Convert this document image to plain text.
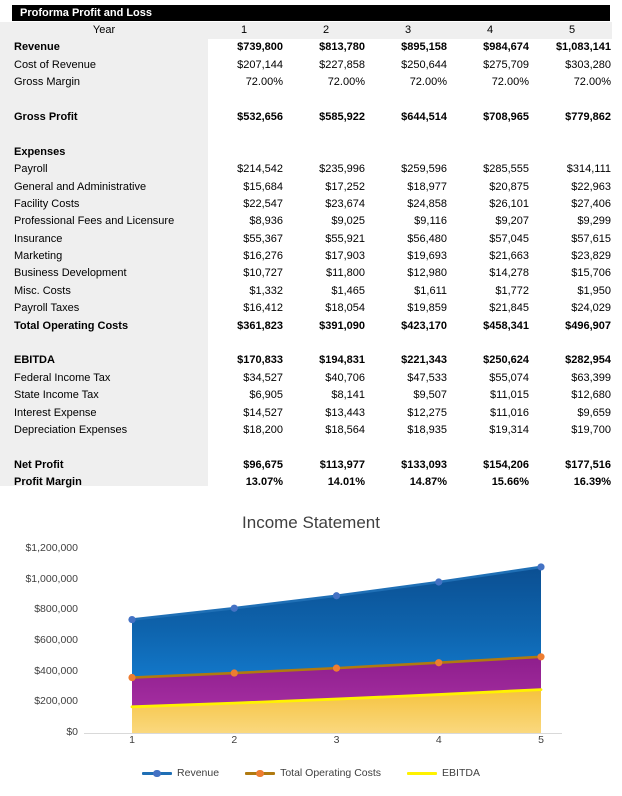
Proforma Profit and Loss
Year	1	2	3	4	5
Revenue	$739,800	$813,780	$895,158	$984,674	$1,083,141
Cost of Revenue	$207,144	$227,858	$250,644	$275,709	$303,280
Gross Margin	72.00%	72.00%	72.00%	72.00%	72.00%
Gross Profit	$532,656	$585,922	$644,514	$708,965	$779,862
Expenses
Payroll	$214,542	$235,996	$259,596	$285,555	$314,111
General and Administrative	$15,684	$17,252	$18,977	$20,875	$22,963
Facility Costs	$22,547	$23,674	$24,858	$26,101	$27,406
Professional Fees and Licensure	$8,936	$9,025	$9,116	$9,207	$9,299
Insurance	$55,367	$55,921	$56,480	$57,045	$57,615
Marketing	$16,276	$17,903	$19,693	$21,663	$23,829
Business Development	$10,727	$11,800	$12,980	$14,278	$15,706
Misc. Costs	$1,332	$1,465	$1,611	$1,772	$1,950
Payroll Taxes	$16,412	$18,054	$19,859	$21,845	$24,029
Total Operating Costs	$361,823	$391,090	$423,170	$458,341	$496,907
EBITDA	$170,833	$194,831	$221,343	$250,624	$282,954
Federal Income Tax	$34,527	$40,706	$47,533	$55,074	$63,399
State Income Tax	$6,905	$8,141	$9,507	$11,015	$12,680
Interest Expense	$14,527	$13,443	$12,275	$11,016	$9,659
Depreciation Expenses	$18,200	$18,564	$18,935	$19,314	$19,700
Net Profit	$96,675	$113,977	$133,093	$154,206	$177,516
Profit Margin	13.07%	14.01%	14.87%	15.66%	16.39%
Income Statement
$1,200,000
$1,000,000
$800,000
$600,000
$400,000
$200,000
$0
1	2	3	4	5
Revenue	Total Operating Costs	EBITDA
